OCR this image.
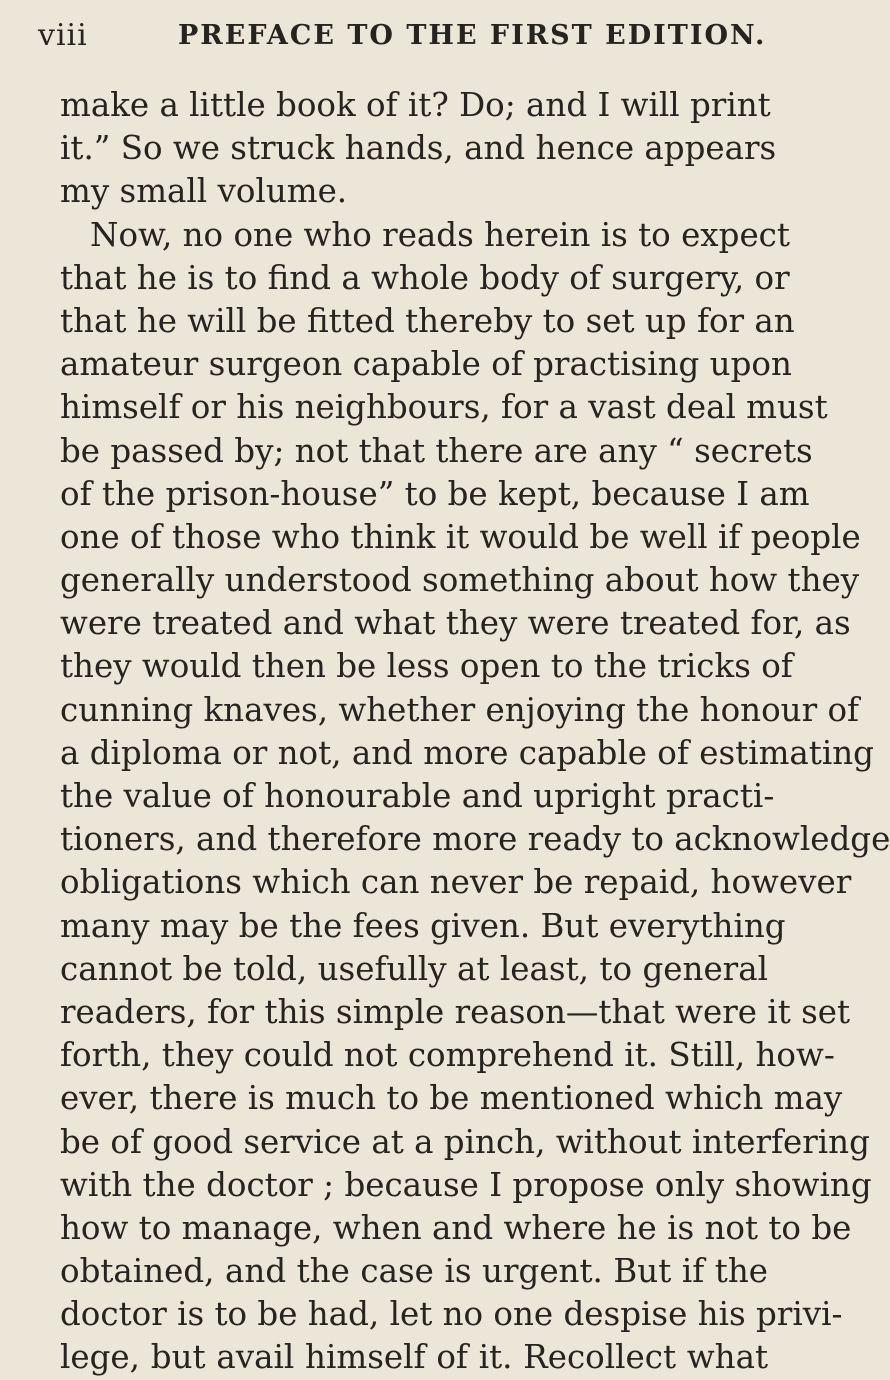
viii	PREFACE TO THE FIRST EDITION.
make a little book of it? Do; and I will print
it.” So we struck hands, and hence appears
my small volume.
Now, no one who reads herein is to expect
that he is to find a whole body of surgery, or
that he will be fitted thereby to set up for an
amateur surgeon capable of practising upon
himself or his neighbours, for a vast deal must
be passed by; not that there are any “ secrets
of the prison-house” to be kept, because I am
one of those who think it would be well if people
generally understood something about how they
were treated and what they were treated for, as
they would then be less open to the tricks of
cunning knaves, whether enjoying the honour of
a diploma or not, and more capable of estimating
the value of honourable and upright practi-
tioners, and therefore more ready to acknowledge
obligations which can never be repaid, however
many may be the fees given. But everything
cannot be told, usefully at least, to general
readers, for this simple reason—that were it set
forth, they could not comprehend it. Still, how-
ever, there is much to be mentioned which may
be of good service at a pinch, without interfering
with the doctor ; because I propose only showing
how to manage, when and where he is not to be
obtained, and the case is urgent. But if the
doctor is to be had, let no one despise his privi-
lege, but avail himself of it. Recollect what
